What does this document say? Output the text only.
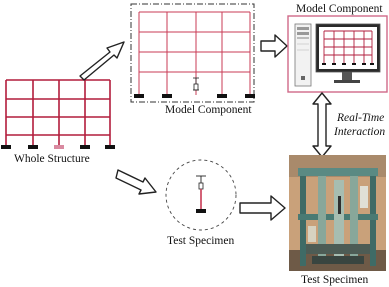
Whole Structure
Model Component
Model Component
Real-Time
Interaction
Test Specimen
Test Specimen
